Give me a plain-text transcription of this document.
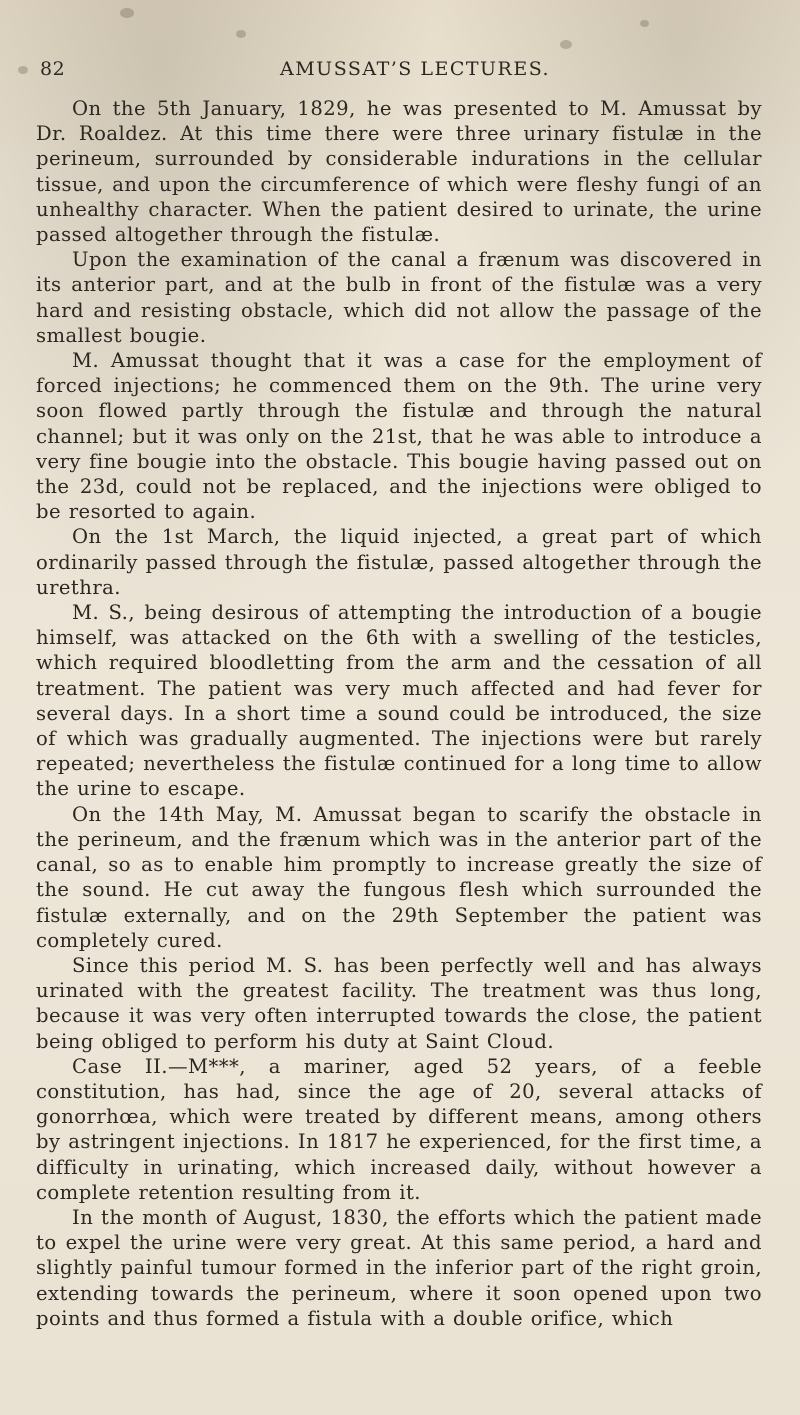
82	AMUSSAT’S LECTURES.

On the 5th January, 1829, he was presented to M. Amussat by Dr. Roaldez. At this time there were three urinary fistulæ in the perineum, surrounded by considerable indurations in the cellular tissue, and upon the circumference of which were fleshy fungi of an unhealthy character. When the patient desired to urinate, the urine passed altogether through the fistulæ.

Upon the examination of the canal a frænum was discovered in its anterior part, and at the bulb in front of the fistulæ was a very hard and resisting obstacle, which did not allow the passage of the smallest bougie.

M. Amussat thought that it was a case for the employment of forced injections; he commenced them on the 9th. The urine very soon flowed partly through the fistulæ and through the natural channel; but it was only on the 21st, that he was able to introduce a very fine bougie into the obstacle. This bougie having passed out on the 23d, could not be replaced, and the injections were obliged to be resorted to again.

On the 1st March, the liquid injected, a great part of which ordinarily passed through the fistulæ, passed altogether through the urethra.

M. S., being desirous of attempting the introduction of a bougie himself, was attacked on the 6th with a swelling of the testicles, which required bloodletting from the arm and the cessation of all treatment. The patient was very much affected and had fever for several days. In a short time a sound could be introduced, the size of which was gradually augmented. The injections were but rarely repeated; nevertheless the fistulæ continued for a long time to allow the urine to escape.

On the 14th May, M. Amussat began to scarify the obstacle in the perineum, and the frænum which was in the anterior part of the canal, so as to enable him promptly to increase greatly the size of the sound. He cut away the fungous flesh which surrounded the fistulæ externally, and on the 29th September the patient was completely cured.

Since this period M. S. has been perfectly well and has always urinated with the greatest facility. The treatment was thus long, because it was very often interrupted towards the close, the patient being obliged to perform his duty at Saint Cloud.

Case II.—M***, a mariner, aged 52 years, of a feeble constitution, has had, since the age of 20, several attacks of gonorrhœa, which were treated by different means, among others by astringent injections. In 1817 he experienced, for the first time, a difficulty in urinating, which increased daily, without however a complete retention resulting from it.

In the month of August, 1830, the efforts which the patient made to expel the urine were very great. At this same period, a hard and slightly painful tumour formed in the inferior part of the right groin, extending towards the perineum, where it soon opened upon two points and thus formed a fistula with a double orifice, which
